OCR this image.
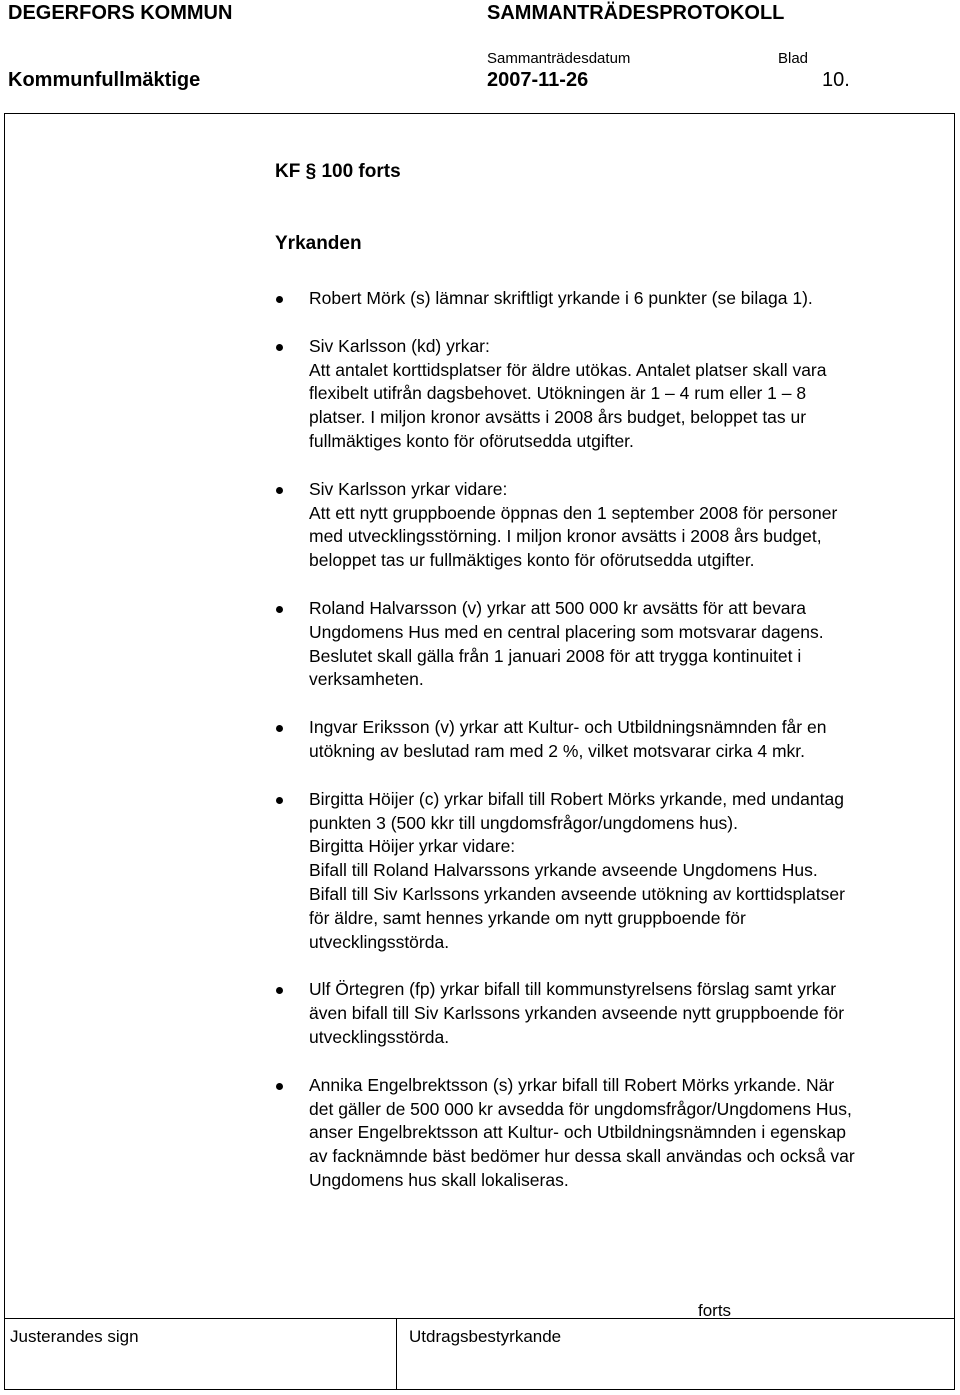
DEGERFORS KOMMUN	SAMMANTRÄDESPROTOKOLL
Sammanträdesdatum	Blad
Kommunfullmäktige	2007-11-26	10.
KF § 100 forts
Yrkanden
Robert Mörk (s) lämnar skriftligt yrkande i 6 punkter (se bilaga 1).
Siv Karlsson (kd) yrkar:
Att antalet korttidsplatser för äldre utökas. Antalet platser skall vara
flexibelt utifrån dagsbehovet. Utökningen är 1 – 4 rum eller 1 – 8
platser. I miljon kronor avsätts i 2008 års budget, beloppet tas ur
fullmäktiges konto för oförutsedda utgifter.
Siv Karlsson yrkar vidare:
Att ett nytt gruppboende öppnas den 1 september 2008 för personer
med utvecklingsstörning. I miljon kronor avsätts i 2008 års budget,
beloppet tas ur fullmäktiges konto för oförutsedda utgifter.
Roland Halvarsson (v) yrkar att 500 000 kr avsätts för att bevara
Ungdomens Hus med en central placering som motsvarar dagens.
Beslutet skall gälla från 1 januari 2008 för att trygga kontinuitet i
verksamheten.
Ingvar Eriksson (v) yrkar att Kultur- och Utbildningsnämnden får en
utökning av beslutad ram med 2 %, vilket motsvarar cirka 4 mkr.
Birgitta Höijer (c) yrkar bifall till Robert Mörks yrkande, med undantag
punkten 3 (500 kkr till ungdomsfrågor/ungdomens hus).
Birgitta Höijer yrkar vidare:
Bifall till Roland Halvarssons yrkande avseende Ungdomens Hus.
Bifall till Siv Karlssons yrkanden avseende utökning av korttidsplatser
för äldre, samt hennes yrkande om nytt gruppboende för
utvecklingsstörda.
Ulf Örtegren (fp) yrkar bifall till kommunstyrelsens förslag samt yrkar
även bifall till Siv Karlssons yrkanden avseende nytt gruppboende för
utvecklingsstörda.
Annika Engelbrektsson (s) yrkar bifall till Robert Mörks yrkande. När
det gäller de 500 000 kr avsedda för ungdomsfrågor/Ungdomens Hus,
anser Engelbrektsson att Kultur- och Utbildningsnämnden i egenskap
av facknämnde bäst bedömer hur dessa skall användas och också var
Ungdomens hus skall lokaliseras.
forts
Justerandes sign	Utdragsbestyrkande
